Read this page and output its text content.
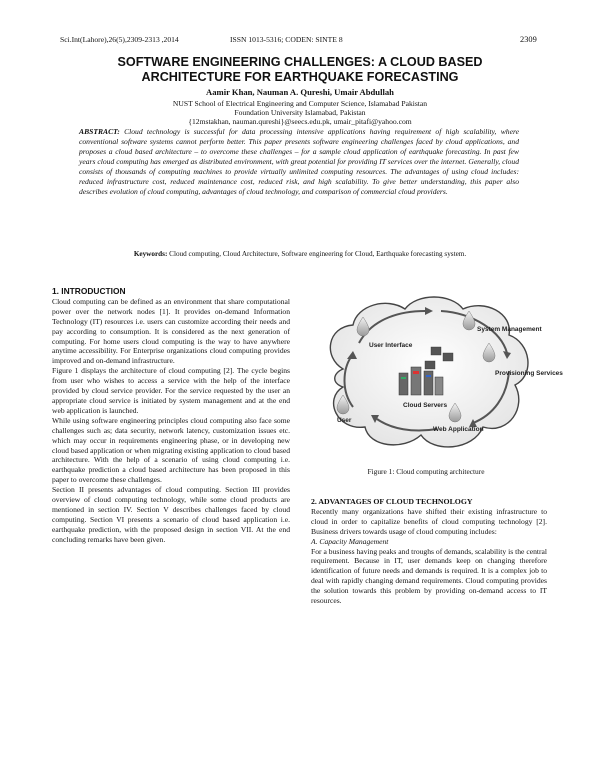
Sci.Int(Lahore),26(5),2309-2313 ,2014	ISSN 1013-5316; CODEN: SINTE 8	2309
SOFTWARE ENGINEERING CHALLENGES: A CLOUD BASED
ARCHITECTURE FOR EARTHQUAKE FORECASTING
Aamir Khan, Nauman A. Qureshi, Umair Abdullah
NUST School of Electrical Engineering and Computer Science, Islamabad Pakistan
Foundation University Islamabad, Pakistan
{12mstakhan, nauman.qureshi}@seecs.edu.pk, umair_pitafi@yahoo.com
ABSTRACT: Cloud technology is successful for data processing intensive applications having requirement of high scalability, where conventional software systems cannot perform better. This paper presents software engineering challenges faced by cloud applications, and proposes a cloud based architecture – to overcome these challenges – for a sample cloud application of earthquake forecasting. In past few years cloud computing has emerged as distributed environment, with great potential for providing IT services over the internet. Generally, cloud consists of thousands of computing machines to provide virtually unlimited computing resources. The advantages of using cloud includes: reduced infrastructure cost, reduced maintenance cost, reduced risk, and high scalability. To give better understanding, this paper also describes evolution of cloud computing, advantages of cloud technology, and comparison of commercial cloud providers.
Keywords: Cloud computing, Cloud Architecture, Software engineering for Cloud, Earthquake forecasting system.
1. INTRODUCTION

Cloud computing can be defined as an environment that share computational power over the network nodes [1]. It provides on-demand Information Technology (IT) resources i.e. users can customize according their needs and pay according to consumption. It is considered as the next generation of computing. For home users cloud computing is the way to have anywhere anytime accessibility. For Enterprise organizations cloud computing provides improved and on-demand infrastructure.

Figure 1 displays the architecture of cloud computing [2]. The cycle begins from user who wishes to access a service with the help of the interface provided by cloud service provider. For the service requested by the user an appropriate cloud service is initiated by system management and at the end web application is launched.

While using software engineering principles cloud computing also face some challenges such as; data security, network latency, customization issues etc. which may occur in requirements engineering phase, or in developing new cloud based application or when migrating existing application to cloud based architecture. With the help of a scenario of using cloud computing i.e. earthquake prediction a cloud based architecture has been proposed in this paper to overcome these challenges.

Section II presents advantages of cloud computing. Section III provides overview of cloud computing technology, while some cloud products are mentioned in section IV. Section V describes challenges faced by cloud computing. Section VI presents a scenario of cloud based application i.e. earthquake prediction, with the proposed design in section VII. At the end concluding remarks have been given.

User Interface
System Management
Provisioning Services
Cloud Servers
User
Web Application
Figure 1: Cloud computing architecture
2. ADVANTAGES OF CLOUD TECHNOLOGY

Recently many organizations have shifted their existing infrastructure to cloud in order to capitalize benefits of cloud computing technology [2]. Business drivers towards usage of cloud computing includes:

A. Capacity Management

For a business having peaks and troughs of demands, scalability is the central requirement. Because in IT, user demands keep on changing therefore identification of future needs and demands is required. It is a complex job to deal with rapidly changing demand requirements. Cloud computing provides the solution towards this problem by providing on-demand access to IT resources.
